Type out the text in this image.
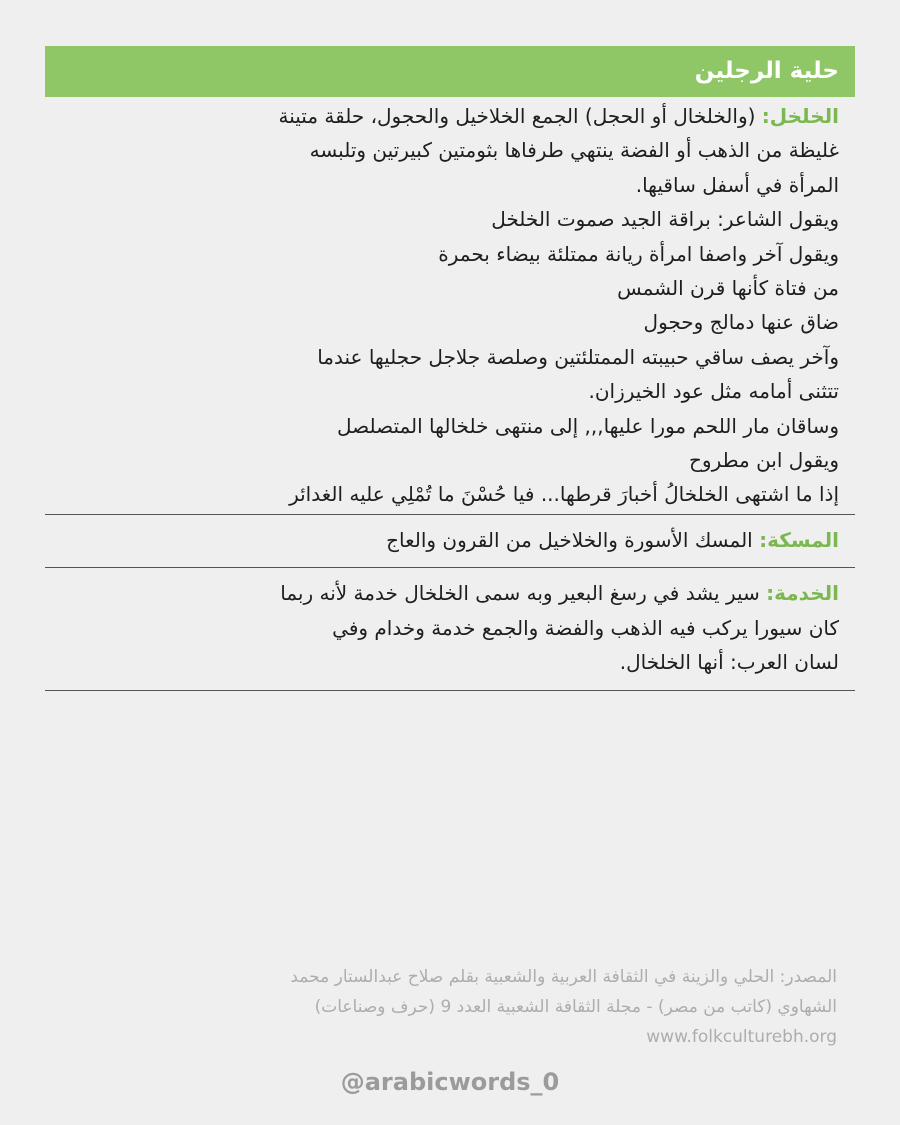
حلية الرجلين
الخلخل: (والخلخال أو الحجل) الجمع الخلاخيل والحجول، حلقة متينة
غليظة من الذهب أو الفضة ينتهي طرفاها بثومتين كبيرتين وتلبسه
المرأة في أسفل ساقيها.
ويقول الشاعر: براقة الجيد صموت الخلخل
ويقول آخر واصفا امرأة ريانة ممتلئة بيضاء بحمرة
من فتاة كأنها قرن الشمس
ضاق عنها دمالج وحجول
وآخر يصف ساقي حبيبته الممتلئتين وصلصة جلاجل حجليها عندما
تتثنى أمامه مثل عود الخيرزان.
وساقان مار اللحم مورا عليها,,, إلى منتهى خلخالها المتصلصل
ويقول ابن مطروح
إذا ما اشتهى الخلخالُ أخبارَ قرطها... فيا حُسْنَ ما تُمْلِي عليه الغدائر
المسكة: المسك الأسورة والخلاخيل من القرون والعاج
الخدمة: سير يشد في رسغ البعير وبه سمى الخلخال خدمة لأنه ربما
كان سيورا يركب فيه الذهب والفضة والجمع خدمة وخدام وفي
لسان العرب: أنها الخلخال.
المصدر: الحلي والزينة في الثقافة العربية والشعبية بقلم صلاح عبدالستار محمد
الشهاوي (كاتب من مصر) - مجلة الثقافة الشعبية العدد 9 (حرف وصناعات)
www.folkculturebh.org
@arabicwords_0
